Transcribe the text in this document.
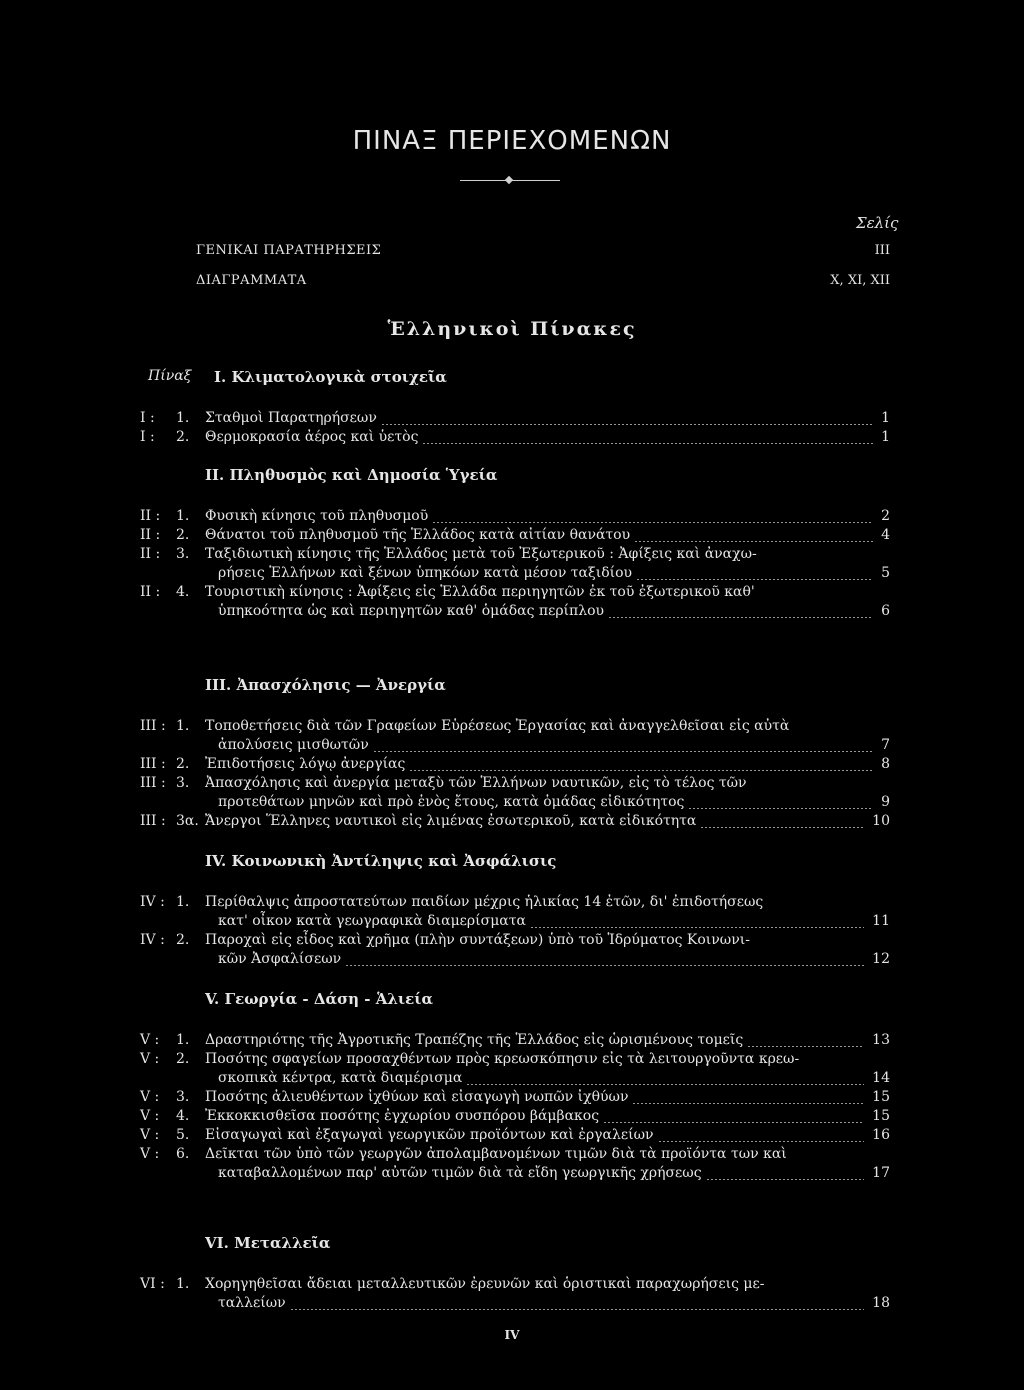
ΠΙΝΑΞ ΠΕΡΙΕΧΟΜΕΝΩΝ
Σελίς
ΓΕΝΙΚΑΙ ΠΑΡΑΤΗΡΗΣΕΙΣ	ΙΙΙ
ΔΙΑΓΡΑΜΜΑΤΑ	Χ, ΧΙ, ΧΙΙ
Ἑλληνικοὶ Πίνακες
Πίναξ I. Κλιματολογικὰ στοιχεῖα
I :	1.	Σταθμοὶ Παρατηρήσεων	1
I :	2.	Θερμοκρασία ἀέρος καὶ ὑετὸς	1
II. Πληθυσμὸς καὶ Δημοσία Ὑγεία
II :	1.	Φυσικὴ κίνησις τοῦ πληθυσμοῦ	2
II :	2.	Θάνατοι τοῦ πληθυσμοῦ τῆς Ἑλλάδος κατὰ αἰτίαν θανάτου	4
II :	3.	Ταξιδιωτικὴ κίνησις τῆς Ἑλλάδος μετὰ τοῦ Ἐξωτερικοῦ : Ἀφίξεις καὶ ἀναχω-
ρήσεις Ἑλλήνων καὶ ξένων ὑπηκόων κατὰ μέσον ταξιδίου	5
II :	4.	Τουριστικὴ κίνησις : Ἀφίξεις εἰς Ἑλλάδα περιηγητῶν ἐκ τοῦ ἐξωτερικοῦ καθ'
ὑπηκοότητα ὡς καὶ περιηγητῶν καθ' ὁμάδας περίπλου	6
III. Ἀπασχόλησις — Ἀνεργία
III : 1.	Τοποθετήσεις διὰ τῶν Γραφείων Εὑρέσεως Ἐργασίας καὶ ἀναγγελθεῖσαι εἰς αὐτὰ
ἀπολύσεις μισθωτῶν	7
III : 2.	Ἐπιδοτήσεις λόγῳ ἀνεργίας	8
III : 3.	Ἀπασχόλησις καὶ ἀνεργία μεταξὺ τῶν Ἑλλήνων ναυτικῶν, εἰς τὸ τέλος τῶν
προτεθάτων μηνῶν καὶ πρὸ ἑνὸς ἔτους, κατὰ ὁμάδας εἰδικότητος	9
III : 3α. Ἄνεργοι Ἕλληνες ναυτικοὶ εἰς λιμένας ἐσωτερικοῦ, κατὰ εἰδικότητα	10
IV. Κοινωνικὴ Ἀντίληψις καὶ Ἀσφάλισις
IV : 1.	Περίθαλψις ἀπροστατεύτων παιδίων μέχρις ἡλικίας 14 ἐτῶν, δι' ἐπιδοτήσεως
κατ' οἶκον κατὰ γεωγραφικὰ διαμερίσματα	11
IV : 2.	Παροχαὶ εἰς εἶδος καὶ χρῆμα (πλὴν συντάξεων) ὑπὸ τοῦ Ἱδρύματος Κοινωνι-
κῶν Ἀσφαλίσεων	12
V. Γεωργία - Δάση - Ἁλιεία
V :	1.	Δραστηριότης τῆς Ἀγροτικῆς Τραπέζης τῆς Ἑλλάδος εἰς ὡρισμένους τομεῖς	13
V :	2.	Ποσότης σφαγείων προσαχθέντων πρὸς κρεωσκόπησιν εἰς τὰ λειτουργοῦντα κρεω-
σκοπικὰ κέντρα, κατὰ διαμέρισμα	14
V :	3.	Ποσότης ἀλιευθέντων ἰχθύων καὶ εἰσαγωγὴ νωπῶν ἰχθύων	15
V :	4.	Ἐκκοκκισθεῖσα ποσότης ἐγχωρίου συσπόρου βάμβακος	15
V :	5.	Εἰσαγωγαὶ καὶ ἐξαγωγαὶ γεωργικῶν προϊόντων καὶ ἐργαλείων	16
V :	6.	Δεῖκται τῶν ὑπὸ τῶν γεωργῶν ἀπολαμβανομένων τιμῶν διὰ τὰ προϊόντα των καὶ
καταβαλλομένων παρ' αὐτῶν τιμῶν διὰ τὰ εἴδη γεωργικῆς χρήσεως	17
VI. Μεταλλεῖα
VI : 1.	Χορηγηθεῖσαι ἄδειαι μεταλλευτικῶν ἐρευνῶν καὶ ὁριστικαὶ παραχωρήσεις με-
ταλλείων	18
IV
